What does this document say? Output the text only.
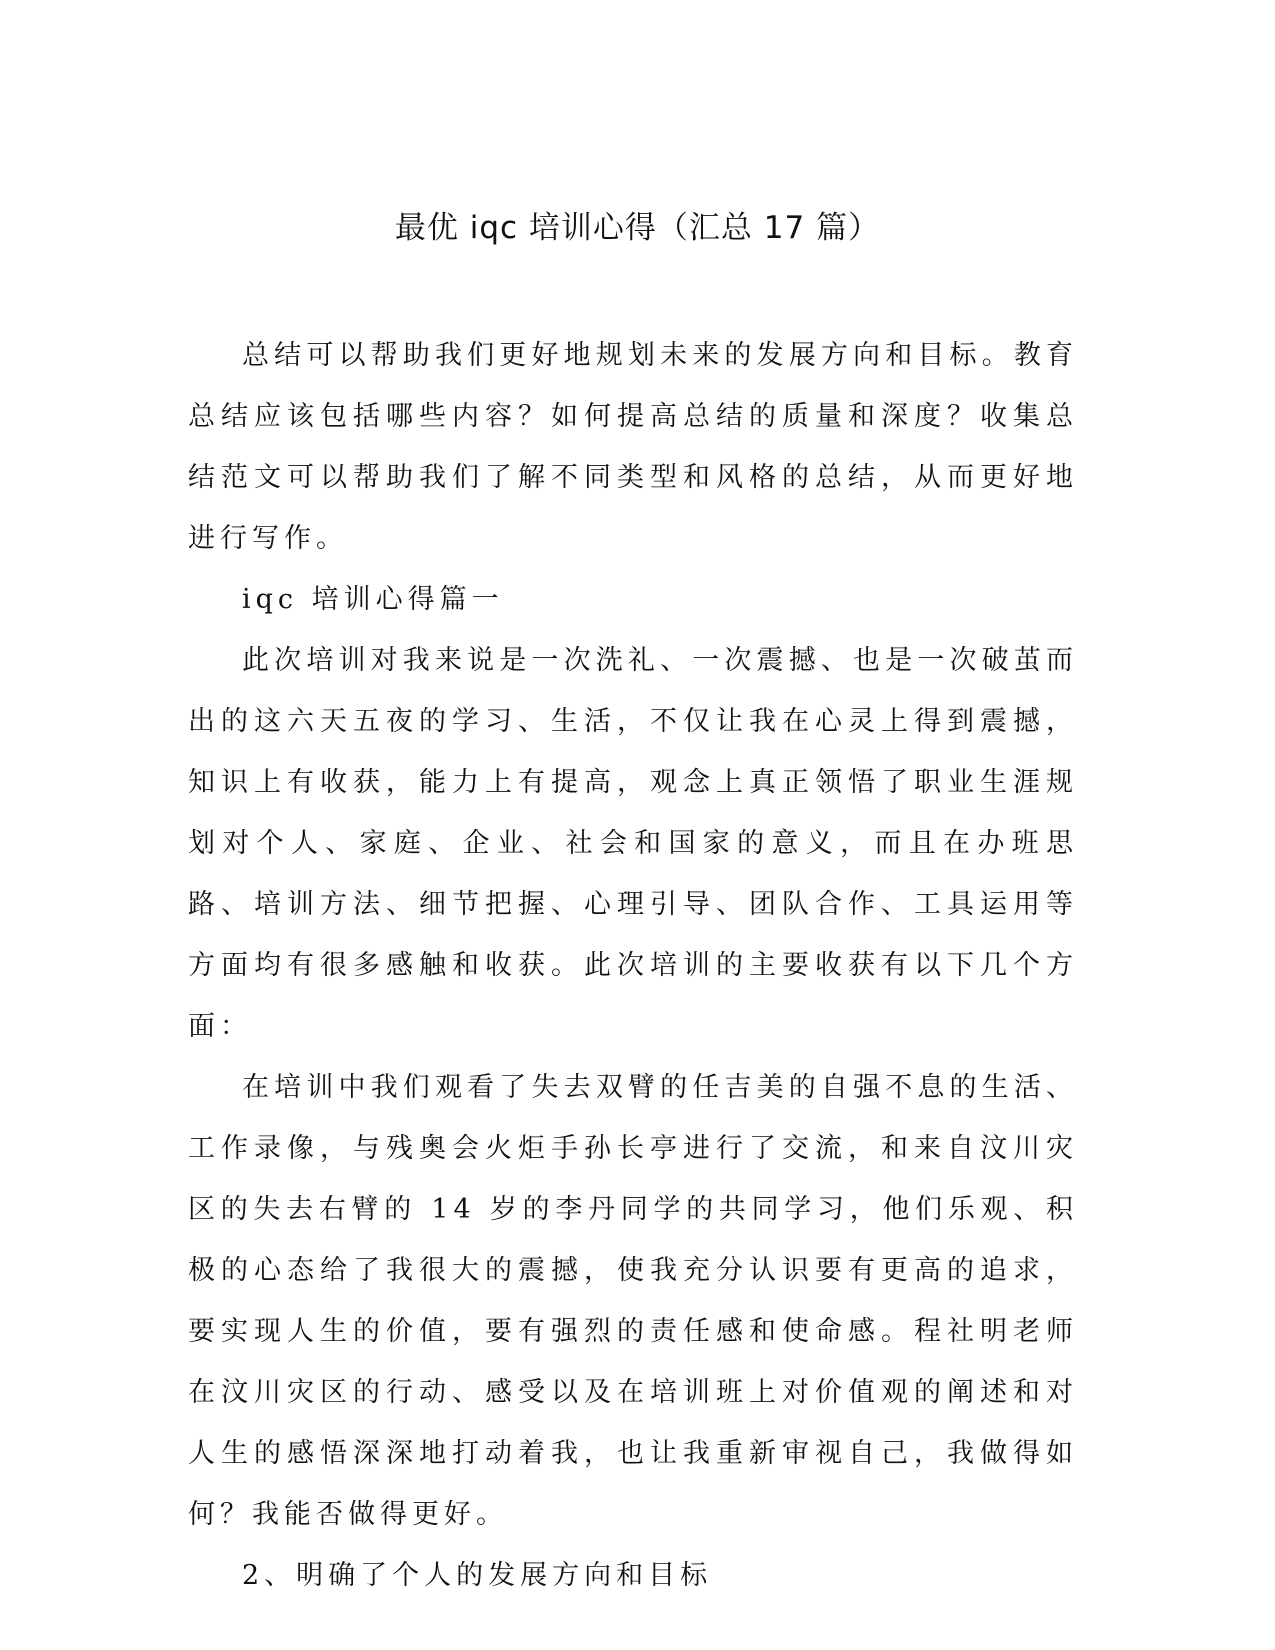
最优 iqc 培训心得（汇总 17 篇）

总结可以帮助我们更好地规划未来的发展方向和目标。教育总结应该包括哪些内容？如何提高总结的质量和深度？收集总结范文可以帮助我们了解不同类型和风格的总结，从而更好地进行写作。

iqc 培训心得篇一

此次培训对我来说是一次洗礼、一次震撼、也是一次破茧而出的这六天五夜的学习、生活，不仅让我在心灵上得到震撼，知识上有收获，能力上有提高，观念上真正领悟了职业生涯规划对个人、家庭、企业、社会和国家的意义，而且在办班思路、培训方法、细节把握、心理引导、团队合作、工具运用等方面均有很多感触和收获。此次培训的主要收获有以下几个方面：

在培训中我们观看了失去双臂的任吉美的自强不息的生活、工作录像，与残奥会火炬手孙长亭进行了交流，和来自汶川灾区的失去右臂的 14 岁的李丹同学的共同学习，他们乐观、积极的心态给了我很大的震撼，使我充分认识要有更高的追求，要实现人生的价值，要有强烈的责任感和使命感。程社明老师在汶川灾区的行动、感受以及在培训班上对价值观的阐述和对人生的感悟深深地打动着我，也让我重新审视自己，我做得如何？我能否做得更好。

2、明确了个人的发展方向和目标
